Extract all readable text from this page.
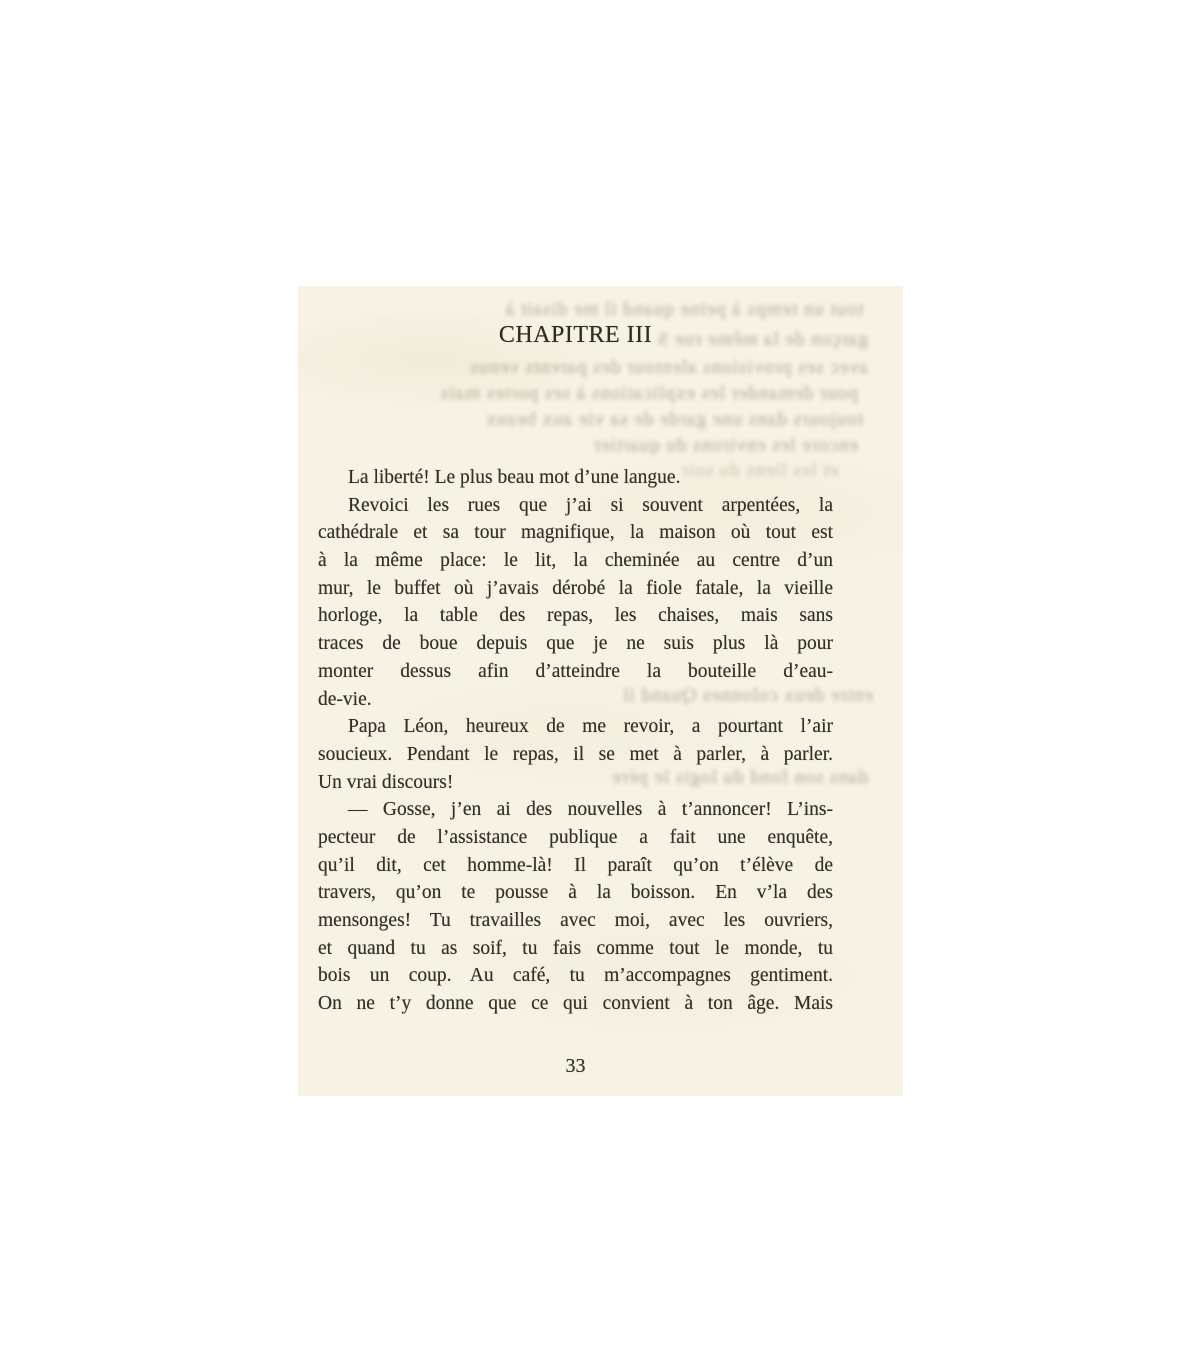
tout un temps à peine quand il me disait à
garçon de la même rue S
avec ses provisions alentour des parents venus
pour demander les explications à ses portes mais
toujours dans une garde de sa vie aux beaux
encore les environs du quartier
et les liens du soir
entre deux colonnes Quand il
dans son fond du logis le père
CHAPITRE III
La liberté! Le plus beau mot d’une langue.
Revoici les rues que j’ai si souvent arpentées, la
cathédrale et sa tour magnifique, la maison où tout est
à la même place: le lit, la cheminée au centre d’un
mur, le buffet où j’avais dérobé la fiole fatale, la vieille
horloge, la table des repas, les chaises, mais sans
traces de boue depuis que je ne suis plus là pour
monter dessus afin d’atteindre la bouteille d’eau-
de-vie.
Papa Léon, heureux de me revoir, a pourtant l’air
soucieux. Pendant le repas, il se met à parler, à parler.
Un vrai discours!
— Gosse, j’en ai des nouvelles à t’annoncer! L’ins-
pecteur de l’assistance publique a fait une enquête,
qu’il dit, cet homme-là! Il paraît qu’on t’élève de
travers, qu’on te pousse à la boisson. En v’la des
mensonges! Tu travailles avec moi, avec les ouvriers,
et quand tu as soif, tu fais comme tout le monde, tu
bois un coup. Au café, tu m’accompagnes gentiment.
On ne t’y donne que ce qui convient à ton âge. Mais
33
